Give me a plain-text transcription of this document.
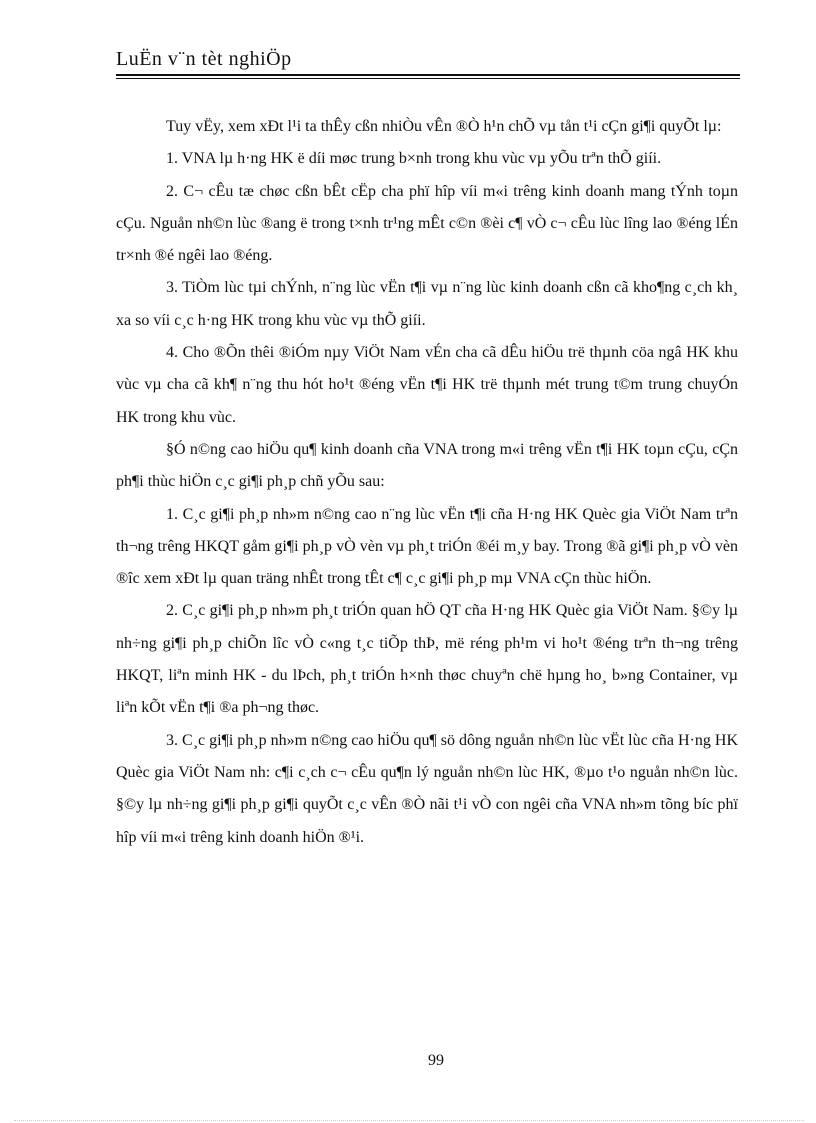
LuËn v¨n tèt nghiÖp

Tuy vËy, xem xÐt l¹i ta thÊy cßn nhiÒu vÊn ®Ò h¹n chÕ vµ tån t¹i cÇn gi¶i quyÕt lµ:

1. VNA lµ h·ng HK ë díi møc trung b×nh trong khu vùc vµ yÕu trªn thÕ giíi.

2. C¬ cÊu tæ chøc cßn bÊt cËp cha phï hîp víi m«i trêng kinh doanh mang tÝnh toµn cÇu. Nguån nh©n lùc ®ang ë trong t×nh tr¹ng mÊt c©n ®èi c¶ vÒ c¬ cÊu lùc lîng lao ®éng lÉn tr×nh ®é ngêi lao ®éng.

3. TiÒm lùc tµi chÝnh, n¨ng lùc vËn t¶i vµ n¨ng lùc kinh doanh cßn cã kho¶ng c¸ch kh¸ xa so víi c¸c h·ng HK trong khu vùc vµ thÕ giíi.

4. Cho ®Õn thêi ®iÓm nµy ViÖt Nam vÉn cha cã dÊu hiÖu trë thµnh cöa ngâ HK khu vùc vµ cha cã kh¶ n¨ng thu hót ho¹t ®éng vËn t¶i HK trë thµnh mét trung t©m trung chuyÓn HK trong khu vùc.

§Ó n©ng cao hiÖu qu¶ kinh doanh cña VNA trong m«i trêng vËn t¶i HK toµn cÇu, cÇn ph¶i thùc hiÖn c¸c gi¶i ph¸p chñ yÕu sau:

1. C¸c gi¶i ph¸p nh»m n©ng cao n¨ng lùc vËn t¶i cña H·ng HK Quèc gia ViÖt Nam trªn th¬ng trêng HKQT gåm gi¶i ph¸p vÒ vèn vµ ph¸t triÓn ®éi m¸y bay. Trong ®ã gi¶i ph¸p vÒ vèn ®îc xem xÐt lµ quan träng nhÊt trong tÊt c¶ c¸c gi¶i ph¸p mµ VNA cÇn thùc hiÖn.

2. C¸c gi¶i ph¸p nh»m ph¸t triÓn quan hÖ QT cña H·ng HK Quèc gia ViÖt Nam. §©y lµ nh÷ng gi¶i ph¸p chiÕn lîc vÒ c«ng t¸c tiÕp thÞ, më réng ph¹m vi ho¹t ®éng trªn th¬ng trêng HKQT, liªn minh HK - du lÞch, ph¸t triÓn h×nh thøc chuyªn chë hµng ho¸ b»ng Container, vµ liªn kÕt vËn t¶i ®a ph¬ng thøc.

3. C¸c gi¶i ph¸p nh»m n©ng cao hiÖu qu¶ sö dông nguån nh©n lùc vËt lùc cña H·ng HK Quèc gia ViÖt Nam nh: c¶i c¸ch c¬ cÊu qu¶n lý nguån nh©n lùc HK, ®µo t¹o nguån nh©n lùc. §©y lµ nh÷ng gi¶i ph¸p gi¶i quyÕt c¸c vÊn ®Ò nãi t¹i vÒ con ngêi cña VNA nh»m tõng bíc phï hîp víi m«i trêng kinh doanh hiÖn ®¹i.

99
